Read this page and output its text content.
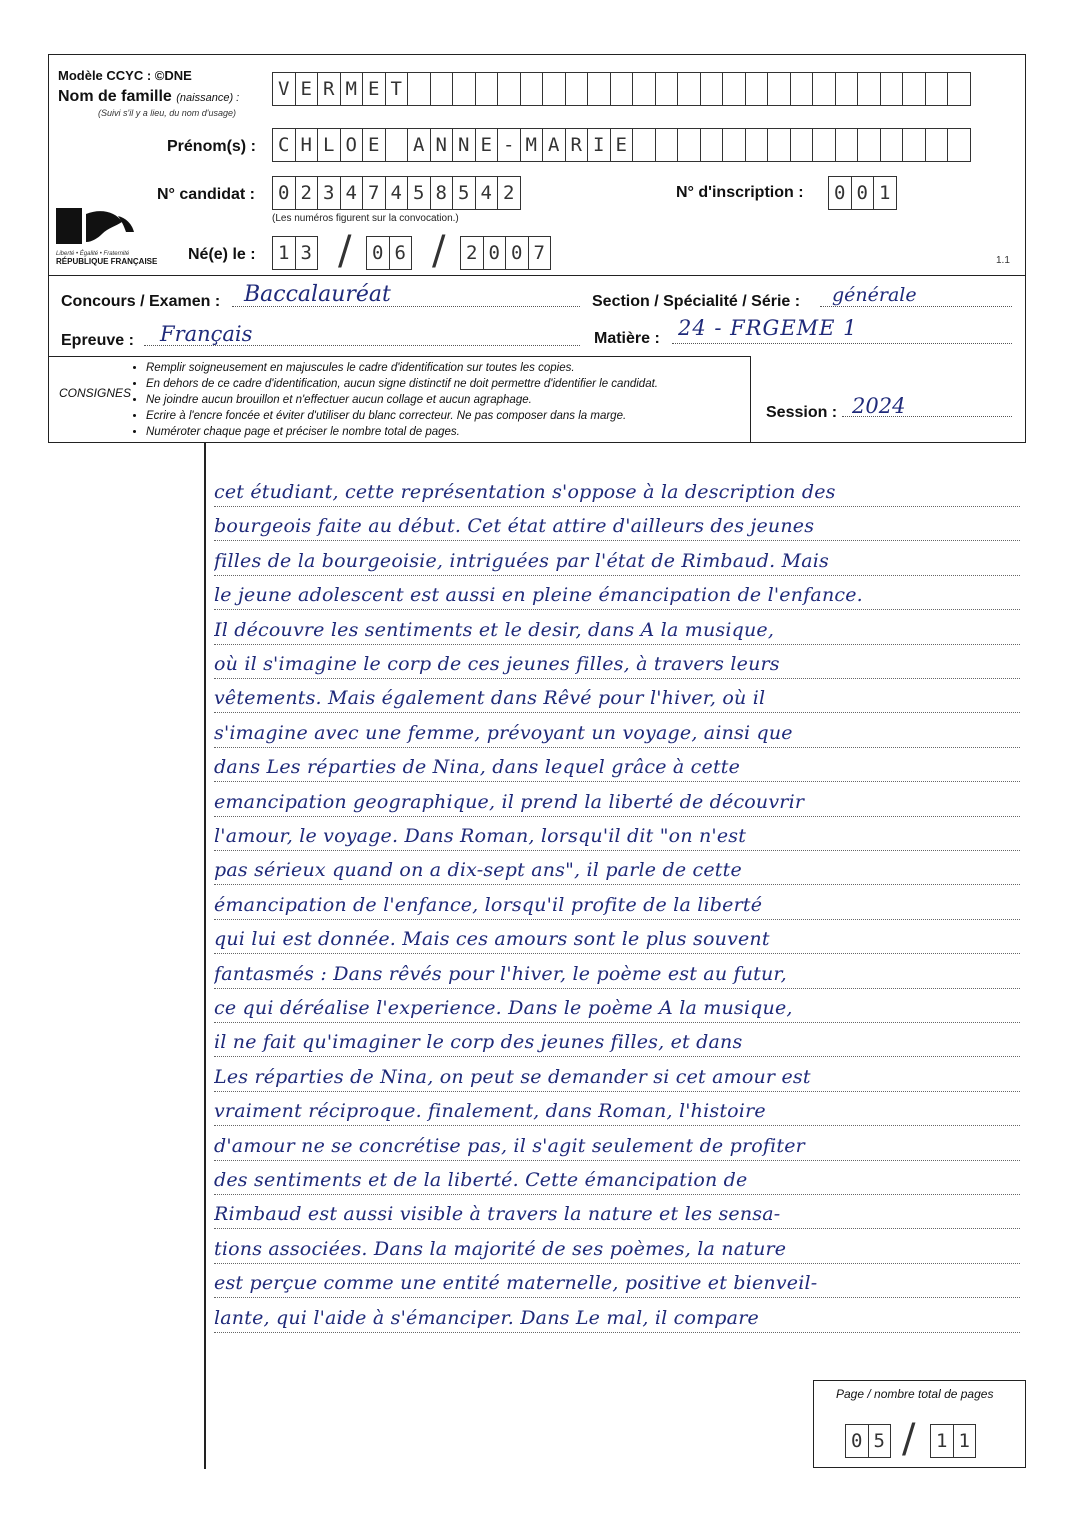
Modèle CCYC : ©DNE
Nom de famille (naissance) :
(Suivi s'il y a lieu, du nom d'usage)
V E R M E T
Prénom(s) :	C H L O E	A N N E - M A R I E
N° candidat :	0 2 3 4 7 4 5 8 5 4 2
(Les numéros figurent sur la convocation.)
N° d'inscription :	0 0 1
Liberté • Égalité • Fraternité
RÉPUBLIQUE FRANÇAISE	Né(e) le :	1 3 /	0 6 /	2 0 0 7	1.1
Concours / Examen : Baccalauréat	Section / Spécialité / Série : générale
Epreuve : Français	Matière : 24 - FRGEME 1
CONSIGNES
• Remplir soigneusement en majuscules le cadre d'identification sur toutes les copies.
• En dehors de ce cadre d'identification, aucun signe distinctif ne doit permettre d'identifier le candidat.
• Ne joindre aucun brouillon et n'effectuer aucun collage et aucun agraphage.
• Ecrire à l'encre foncée et éviter d'utiliser du blanc correcteur. Ne pas composer dans la marge.
• Numéroter chaque page et préciser le nombre total de pages.
Session : 2024
cet étudiant, cette représentation s'oppose à la description des
bourgeois faite au début. Cet état attire d'ailleurs des jeunes
filles de la bourgeoisie, intriguées par l'état de Rimbaud. Mais
le jeune adolescent est aussi en pleine émancipation de l'enfance.
Il découvre les sentiments et le desir, dans A la musique,
où il s'imagine le corp de ces jeunes filles, à travers leurs
vêtements. Mais également dans Rêvé pour l'hiver, où il
s'imagine avec une femme, prévoyant un voyage, ainsi que
dans Les réparties de Nina, dans lequel grâce à cette
emancipation geographique, il prend la liberté de découvrir
l'amour, le voyage. Dans Roman, lorsqu'il dit "on n'est
pas sérieux quand on a dix-sept ans", il parle de cette
émancipation de l'enfance, lorsqu'il profite de la liberté
qui lui est donnée. Mais ces amours sont le plus souvent
fantasmés : Dans rêvés pour l'hiver, le poème est au futur,
ce qui déréalise l'experience. Dans le poème A la musique,
il ne fait qu'imaginer le corp des jeunes filles, et dans
Les réparties de Nina, on peut se demander si cet amour est
vraiment réciproque. finalement, dans Roman, l'histoire
d'amour ne se concrétise pas, il s'agit seulement de profiter
des sentiments et de la liberté. Cette émancipation de
Rimbaud est aussi visible à travers la nature et les sensa-
tions associées. Dans la majorité de ses poèmes, la nature
est perçue comme une entité maternelle, positive et bienveil-
lante, qui l'aide à s'émanciper. Dans Le mal, il compare
Page / nombre total de pages
0 5 /	1 1
